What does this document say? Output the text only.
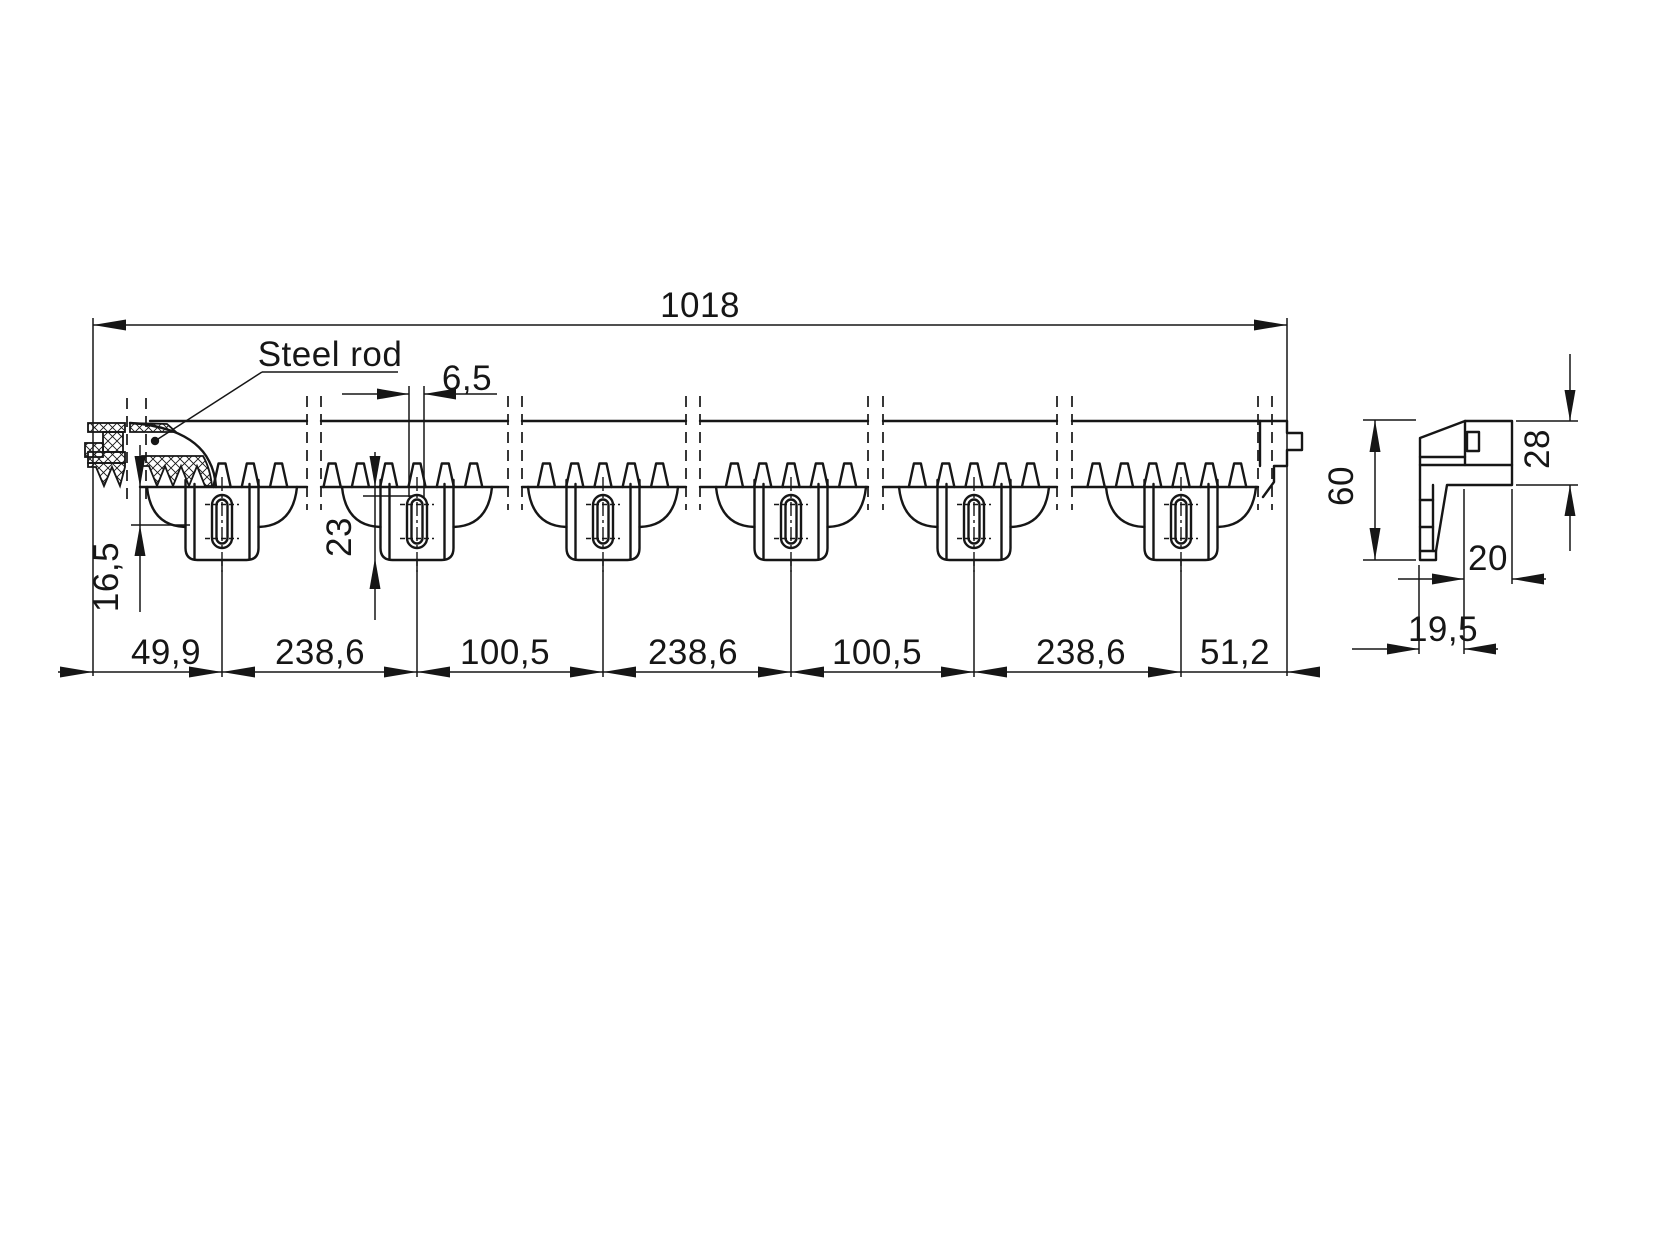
1018
Steel rod
16,5
23
6,5
49,9 238,6	100,5	238,6	100,5	238,6 51,2
60
28
20
19,5
